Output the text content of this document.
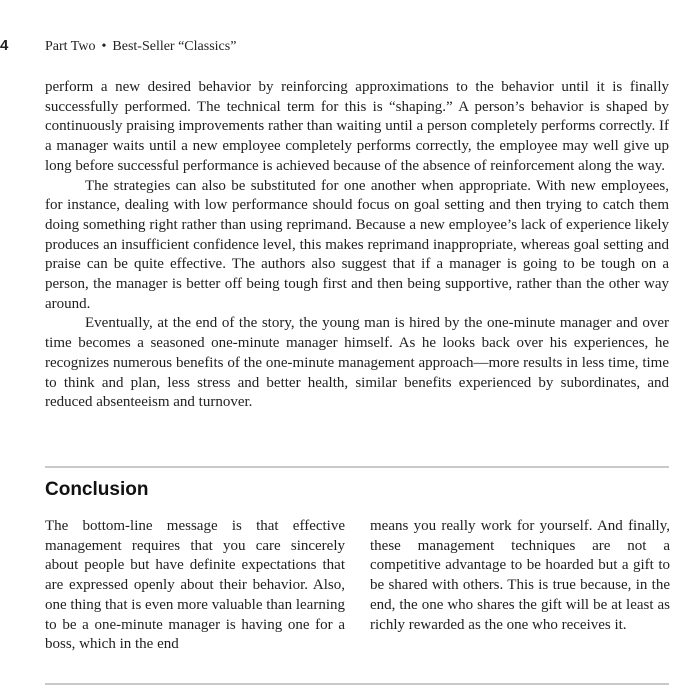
4	Part Two • Best-Seller “Classics”

perform a new desired behavior by reinforcing approximations to the behavior until it is finally successfully performed. The technical term for this is “shaping.” A person’s behavior is shaped by continuously praising improvements rather than waiting until a person completely performs correctly. If a manager waits until a new employee completely performs correctly, the employee may well give up long before successful performance is achieved because of the absence of reinforcement along the way.

The strategies can also be substituted for one another when appropriate. With new employees, for instance, dealing with low performance should focus on goal setting and then trying to catch them doing something right rather than using reprimand. Because a new employee’s lack of experience likely produces an insufficient confidence level, this makes reprimand inappropriate, whereas goal setting and praise can be quite effective. The authors also suggest that if a manager is going to be tough on a person, the manager is better off being tough first and then being supportive, rather than the other way around.

Eventually, at the end of the story, the young man is hired by the one-minute manager and over time becomes a seasoned one-minute manager himself. As he looks back over his experiences, he recognizes numerous benefits of the one-minute management approach—more results in less time, time to think and plan, less stress and better health, similar benefits experienced by subordinates, and reduced absenteeism and turnover.

Conclusion
The bottom-line message is that effective management requires that you care sincerely about people but have definite expectations that are expressed openly about their behavior. Also, one thing that is even more valuable than learning to be a one-minute manager is having one for a boss, which in the end
means you really work for yourself. And finally, these management techniques are not a competitive advantage to be hoarded but a gift to be shared with others. This is true because, in the end, the one who shares the gift will be at least as richly rewarded as the one who receives it.
